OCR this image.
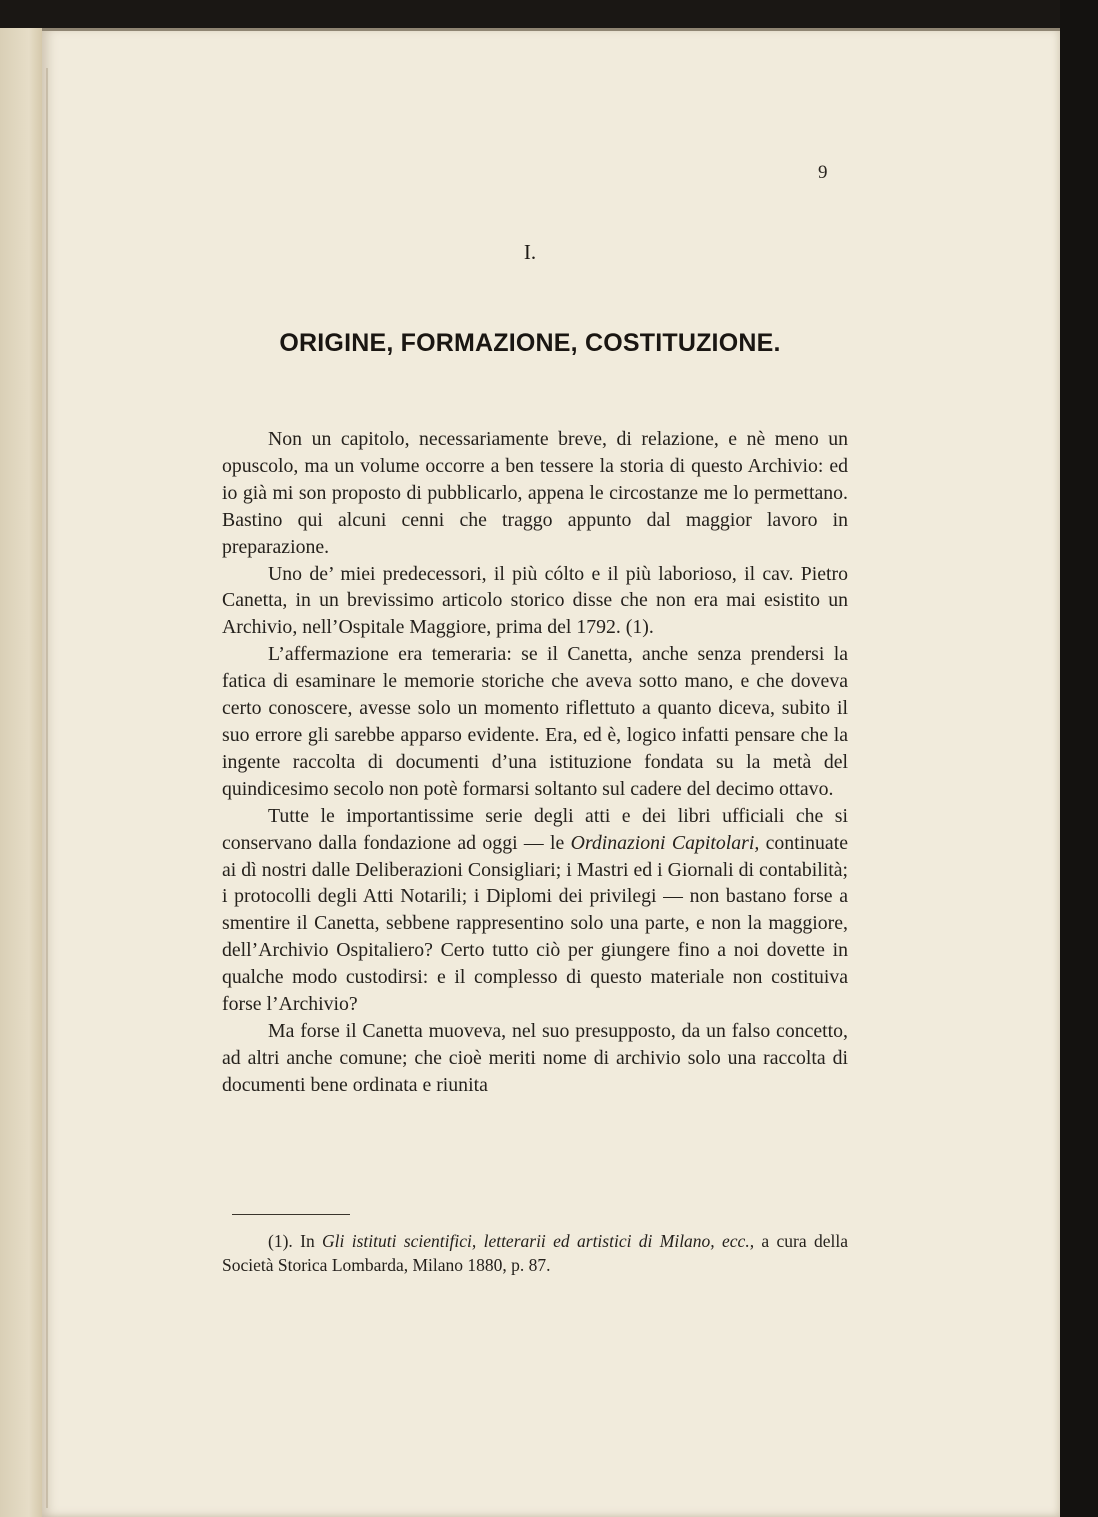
9
I.
ORIGINE, FORMAZIONE, COSTITUZIONE.

Non un capitolo, necessariamente breve, di relazione, e nè meno un opuscolo, ma un volume occorre a ben tessere la storia di questo Archivio: ed io già mi son proposto di pubblicarlo, appena le circostanze me lo permettano. Bastino qui alcuni cenni che traggo appunto dal maggior lavoro in preparazione.

Uno de’ miei predecessori, il più cólto e il più laborioso, il cav. Pietro Canetta, in un brevissimo articolo storico disse che non era mai esistito un Archivio, nell’Ospitale Maggiore, prima del 1792. (1).

L’affermazione era temeraria: se il Canetta, anche senza prendersi la fatica di esaminare le memorie storiche che aveva sotto mano, e che doveva certo conoscere, avesse solo un momento riflettuto a quanto diceva, subito il suo errore gli sarebbe apparso evidente. Era, ed è, logico infatti pensare che la ingente raccolta di documenti d’una istituzione fondata su la metà del quindicesimo secolo non potè formarsi soltanto sul cadere del decimo ottavo.

Tutte le importantissime serie degli atti e dei libri ufficiali che si conservano dalla fondazione ad oggi — le Ordinazioni Capitolari, continuate ai dì nostri dalle Deliberazioni Consigliari; i Mastri ed i Giornali di contabilità; i protocolli degli Atti Notarili; i Diplomi dei privilegi — non bastano forse a smentire il Canetta, sebbene rappresentino solo una parte, e non la maggiore, dell’Archivio Ospitaliero? Certo tutto ciò per giungere fino a noi dovette in qualche modo custodirsi: e il complesso di questo materiale non costituiva forse l’Archivio?

Ma forse il Canetta muoveva, nel suo presupposto, da un falso concetto, ad altri anche comune; che cioè meriti nome di archivio solo una raccolta di documenti bene ordinata e riunita

(1). In Gli istituti scientifici, letterarii ed artistici di Milano, ecc., a cura della Società Storica Lombarda, Milano 1880, p. 87.
